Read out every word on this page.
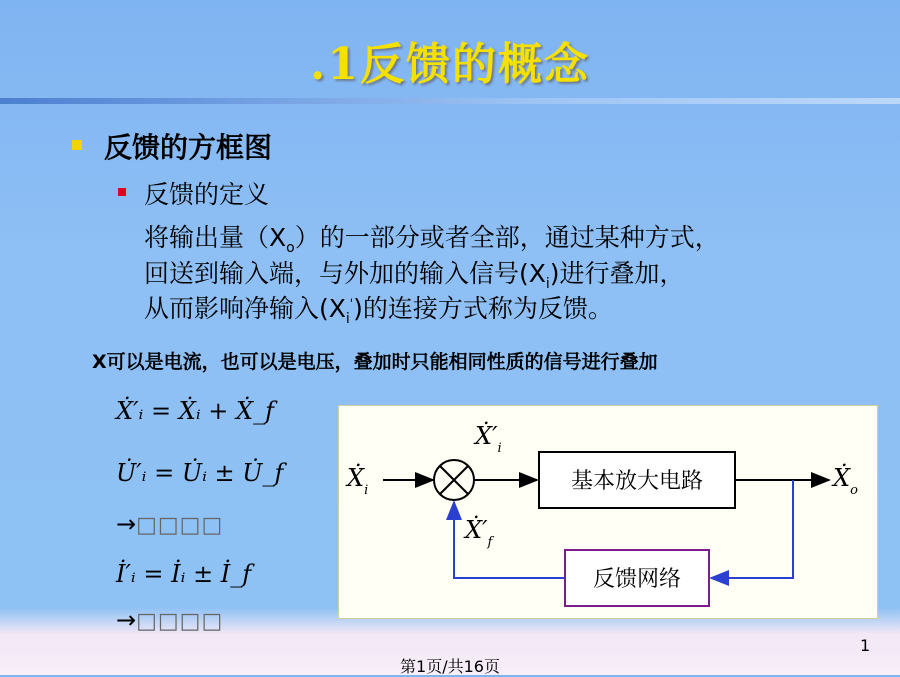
.1反馈的概念
反馈的方框图
反馈的定义
将输出量$(X_o)$的一部分或者全部，通过某种方式，
回送到输入端，与外加的输入信号$(X_i)$进行叠加，
从而影响净输入$(X_i')$的连接方式称为反馈。
X可以是电流，也可以是电压，叠加时只能相同性质的信号进行叠加
Ẋ′ᵢ = Ẋᵢ + Ẋ_f
U̇′ᵢ = U̇ᵢ ± U̇_f
→□□□□
İ′ᵢ = İᵢ ± İ_f
→□□□□
Ẋ$_i$
$Ẋ'_i$
基本放大电路	Ẋ$_o$
反馈网络
$Ẋ'_f$
1
第1页/共16页
